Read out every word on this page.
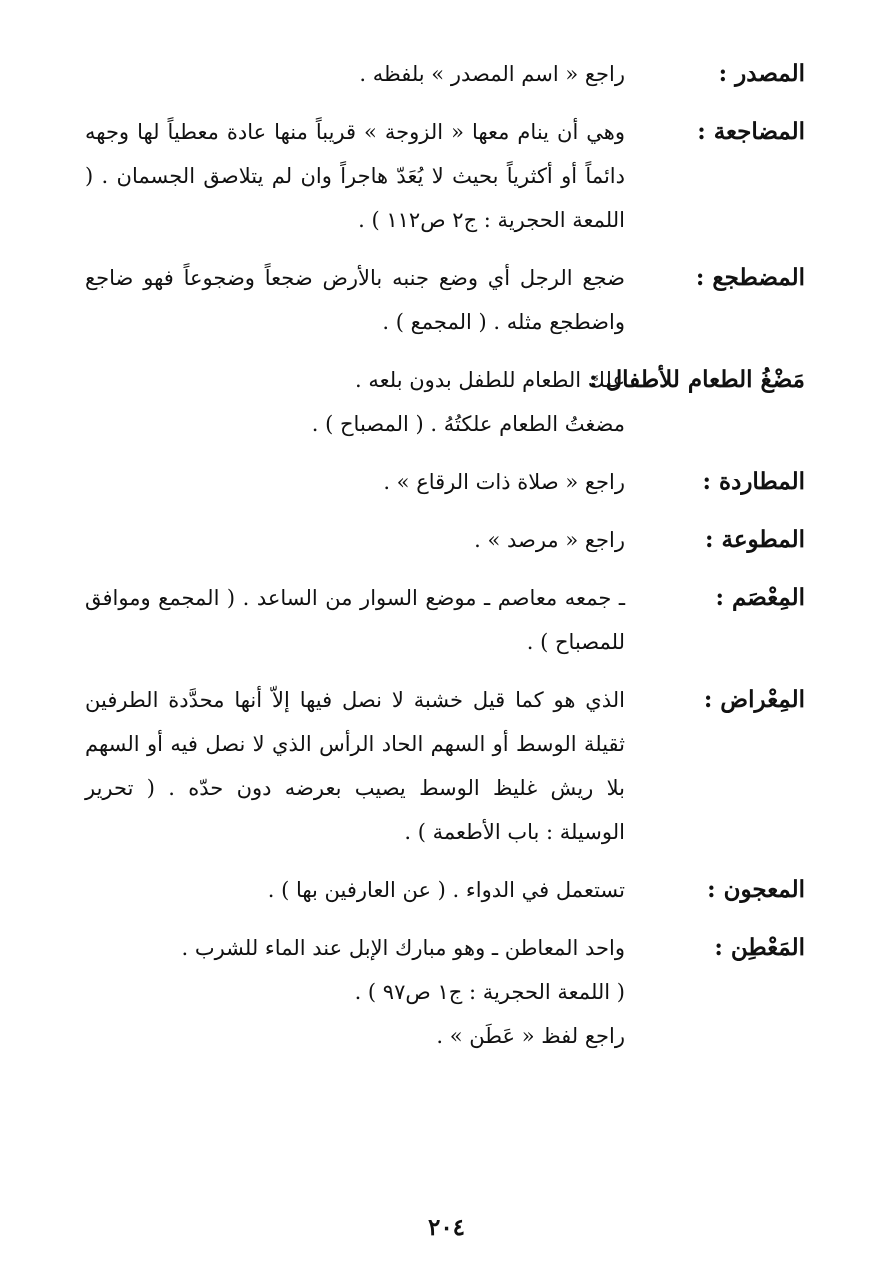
المصدر :
راجع « اسم المصدر » بلفظه .
المضاجعة :
وهي أن ينام معها « الزوجة » قريباً منها عادة معطياً لها وجهه دائماً أو أكثرياً بحيث لا يُعَدّ هاجراً وان لم يتلاصق الجسمان . ( اللمعة الحجرية : ج٢ ص١١٢ ) .
المضطجع :
ضجع الرجل أي وضع جنبه بالأرض ضجعاً وضجوعاً فهو ضاجع واضطجع مثله . ( المجمع ) .
مَضْغُ الطعام للأطفال :
علك الطعام للطفل بدون بلعه .
مضغتُ الطعام علكتُهُ . ( المصباح ) .
المطاردة :
راجع « صلاة ذات الرقاع » .
المطوعة :
راجع « مرصد » .
المِعْصَم :
ـ جمعه معاصم ـ موضع السوار من الساعد . ( المجمع وموافق للمصباح ) .
المِعْراض :
الذي هو كما قيل خشبة لا نصل فيها إلاّ أنها محدَّدة الطرفين ثقيلة الوسط أو السهم الحاد الرأس الذي لا نصل فيه أو السهم بلا ريش غليظ الوسط يصيب بعرضه دون حدّه . ( تحرير الوسيلة : باب الأطعمة ) .
المعجون :
تستعمل في الدواء . ( عن العارفين بها ) .
المَعْطِن :
واحد المعاطن ـ وهو مبارك الإبل عند الماء للشرب .
( اللمعة الحجرية : ج١ ص٩٧ ) .
راجع لفظ « عَطَن » .
٢٠٤
